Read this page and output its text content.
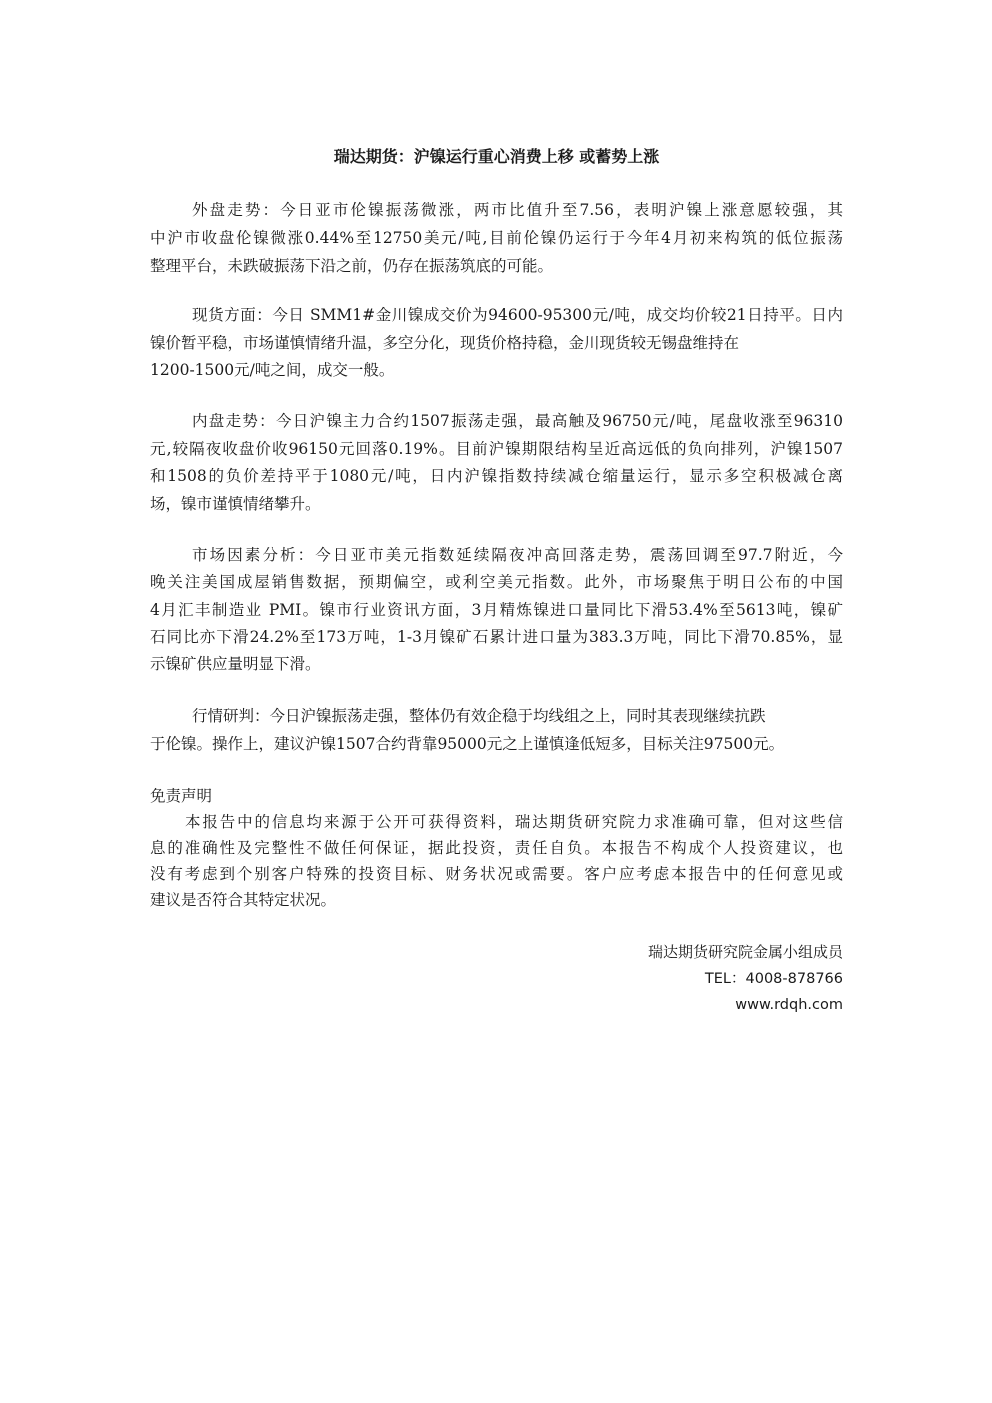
瑞达期货：沪镍运行重心消费上移 或蓄势上涨
外盘走势：今日亚市伦镍振荡微涨，两市比值升至7.56，表明沪镍上涨意愿较强，其
中沪市收盘伦镍微涨0.44%至12750美元/吨,目前伦镍仍运行于今年4月初来构筑的低位振荡
整理平台，未跌破振荡下沿之前，仍存在振荡筑底的可能。
现货方面：今日 SMM1#金川镍成交价为94600-95300元/吨，成交均价较21日持平。日内
镍价暂平稳，市场谨慎情绪升温，多空分化，现货价格持稳，金川现货较无锡盘维持在
1200-1500元/吨之间，成交一般。
内盘走势：今日沪镍主力合约1507振荡走强，最高触及96750元/吨，尾盘收涨至96310
元,较隔夜收盘价收96150元回落0.19%。目前沪镍期限结构呈近高远低的负向排列，沪镍1507
和1508的负价差持平于1080元/吨，日内沪镍指数持续减仓缩量运行，显示多空积极减仓离
场，镍市谨慎情绪攀升。
市场因素分析：今日亚市美元指数延续隔夜冲高回落走势，震荡回调至97.7附近，今
晚关注美国成屋销售数据，预期偏空，或利空美元指数。此外，市场聚焦于明日公布的中国
4月汇丰制造业 PMI。镍市行业资讯方面，3月精炼镍进口量同比下滑53.4%至5613吨，镍矿
石同比亦下滑24.2%至173万吨，1-3月镍矿石累计进口量为383.3万吨，同比下滑70.85%，显
示镍矿供应量明显下滑。
行情研判：今日沪镍振荡走强，整体仍有效企稳于均线组之上，同时其表现继续抗跌
于伦镍。操作上，建议沪镍1507合约背靠95000元之上谨慎逢低短多，目标关注97500元。
免责声明
本报告中的信息均来源于公开可获得资料，瑞达期货研究院力求准确可靠，但对这些信
息的准确性及完整性不做任何保证，据此投资，责任自负。本报告不构成个人投资建议，也
没有考虑到个别客户特殊的投资目标、财务状况或需要。客户应考虑本报告中的任何意见或
建议是否符合其特定状况。
瑞达期货研究院金属小组成员
TEL：4008-878766
www.rdqh.com
